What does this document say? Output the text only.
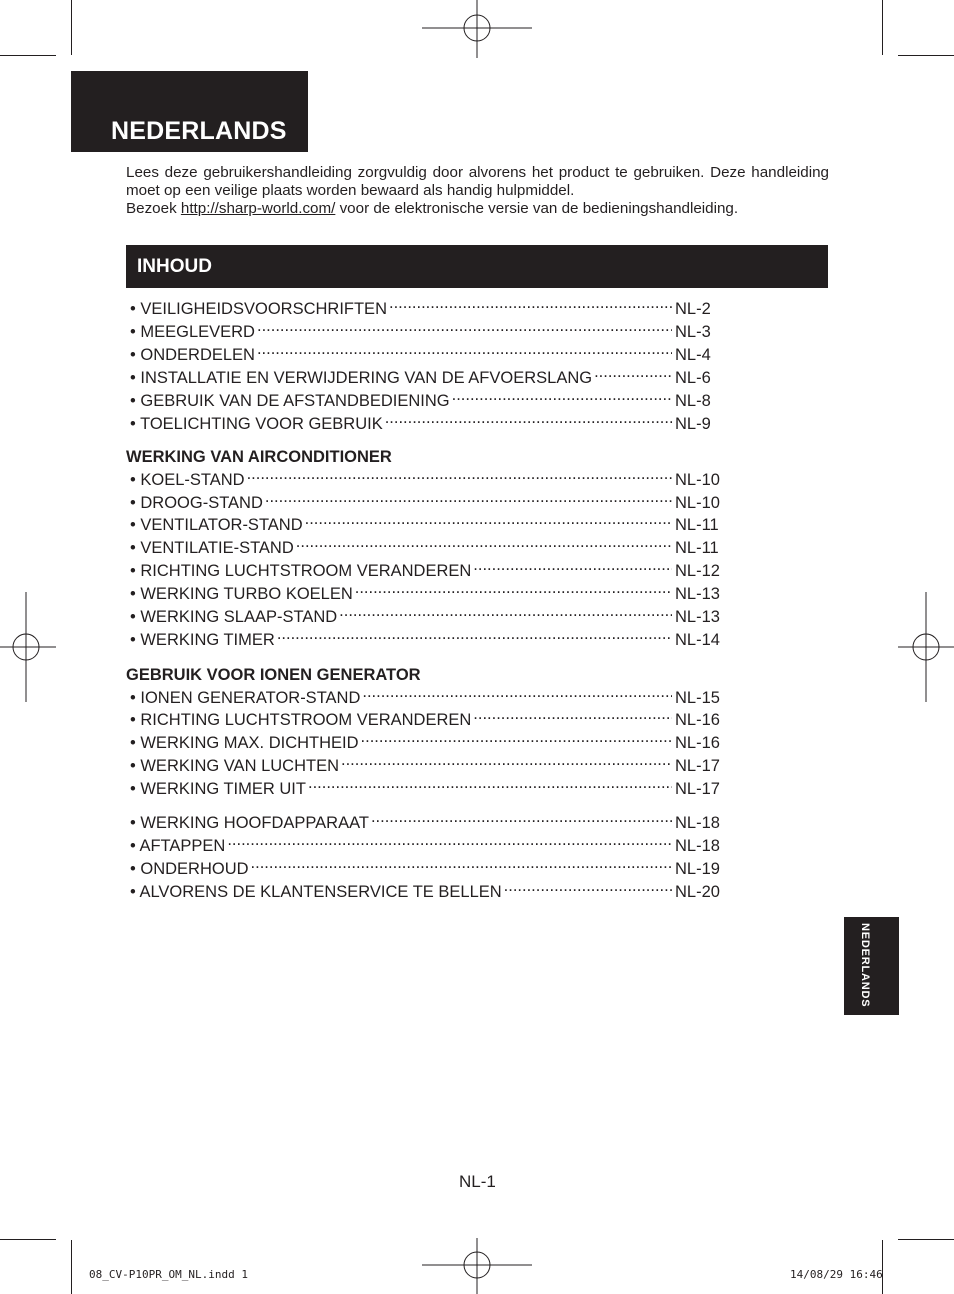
NEDERLANDS

Lees deze gebruikershandleiding zorgvuldig door alvorens het product te gebruiken. Deze handleiding moet op een veilige plaats worden bewaard als handig hulpmiddel.

Bezoek http://sharp-world.com/ voor de elektronische versie van de bedieningshandleiding.

INHOUD
• VEILIGHEIDSVOORSCHRIFTEN .....	NL-2
• MEEGLEVERD .....	NL-3
• ONDERDELEN .....	NL-4
• INSTALLATIE EN VERWIJDERING VAN DE AFVOERSLANG .....	NL-6
• GEBRUIK VAN DE AFSTANDBEDIENING .....	NL-8
• TOELICHTING VOOR GEBRUIK .....	NL-9
WERKING VAN AIRCONDITIONER
• KOEL-STAND .....	NL-10
• DROOG-STAND .....	NL-10
• VENTILATOR-STAND .....	NL-11
• VENTILATIE-STAND .....	NL-11
• RICHTING LUCHTSTROOM VERANDEREN .....	NL-12
• WERKING TURBO KOELEN .....	NL-13
• WERKING SLAAP-STAND .....	NL-13
• WERKING TIMER .....	NL-14
GEBRUIK VOOR IONEN GENERATOR
• IONEN GENERATOR-STAND .....	NL-15
• RICHTING LUCHTSTROOM VERANDEREN .....	NL-16
• WERKING MAX. DICHTHEID .....	NL-16
• WERKING VAN LUCHTEN .....	NL-17
• WERKING TIMER UIT .....	NL-17
• WERKING HOOFDAPPARAAT .....	NL-18
• AFTAPPEN .....	NL-18
• ONDERHOUD .....	NL-19
• ALVORENS DE KLANTENSERVICE TE BELLEN .....	NL-20
NEDERLANDS
NL-1
08_CV-P10PR_OM_NL.indd 1	14/08/29 16:46
